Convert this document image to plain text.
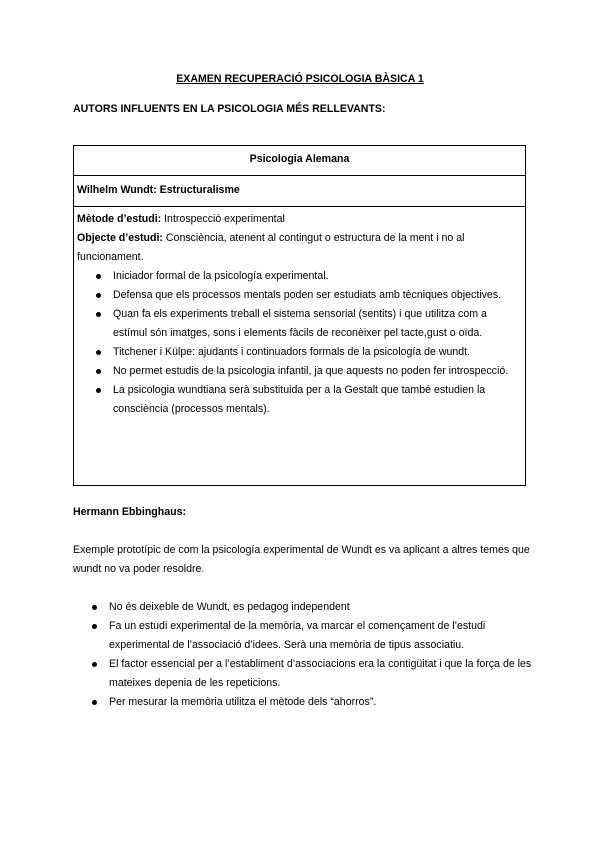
EXAMEN RECUPERACIÓ PSICOLOGIA BÀSICA 1
AUTORS INFLUENTS EN LA PSICOLOGIA MÉS RELLEVANTS:
Psicologia Alemana
Wilhelm Wundt: Estructuralisme

Mètode d’estudi: Introspecció experimental

Objecte d’estudi: Consciència, atenent al contingut o estructura de la ment i no al funcionament.

Iniciador formal de la psicología experimental.
Defensa que els processos mentals poden ser estudiats amb tècniques objectives.
Quan fa els experiments treball el sistema sensorial (sentits) i que utilitza com a estímul són imatges, sons i elements fàcils de reconèixer pel tacte,gust o oïda.
Titchener i Külpe: ajudants i continuadors formals de la psicología de wundt.
No permet estudis de la psicologia infantil, ja que aquests no poden fer introspecció.
La psicologia wundtiana serà substituida per a la Gestalt que també estudien la consciència (processos mentals).
Hermann Ebbinghaus:
Exemple prototípic de com la psicología experimental de Wundt es va aplicant a altres temes que wundt no va poder resoldre.
No és deixeble de Wundt, es pedagog independent
Fa un estudi experimental de la memòria, va marcar el començament de l’estudi experimental de l’associació d’idees. Serà una memòria de tipus associatiu.
El factor essencial per a l’establiment d’associacions era la contigüitat i que la força de les mateixes depenia de les repeticions.
Per mesurar la memòria utilitza el mètode dels “ahorros”.
